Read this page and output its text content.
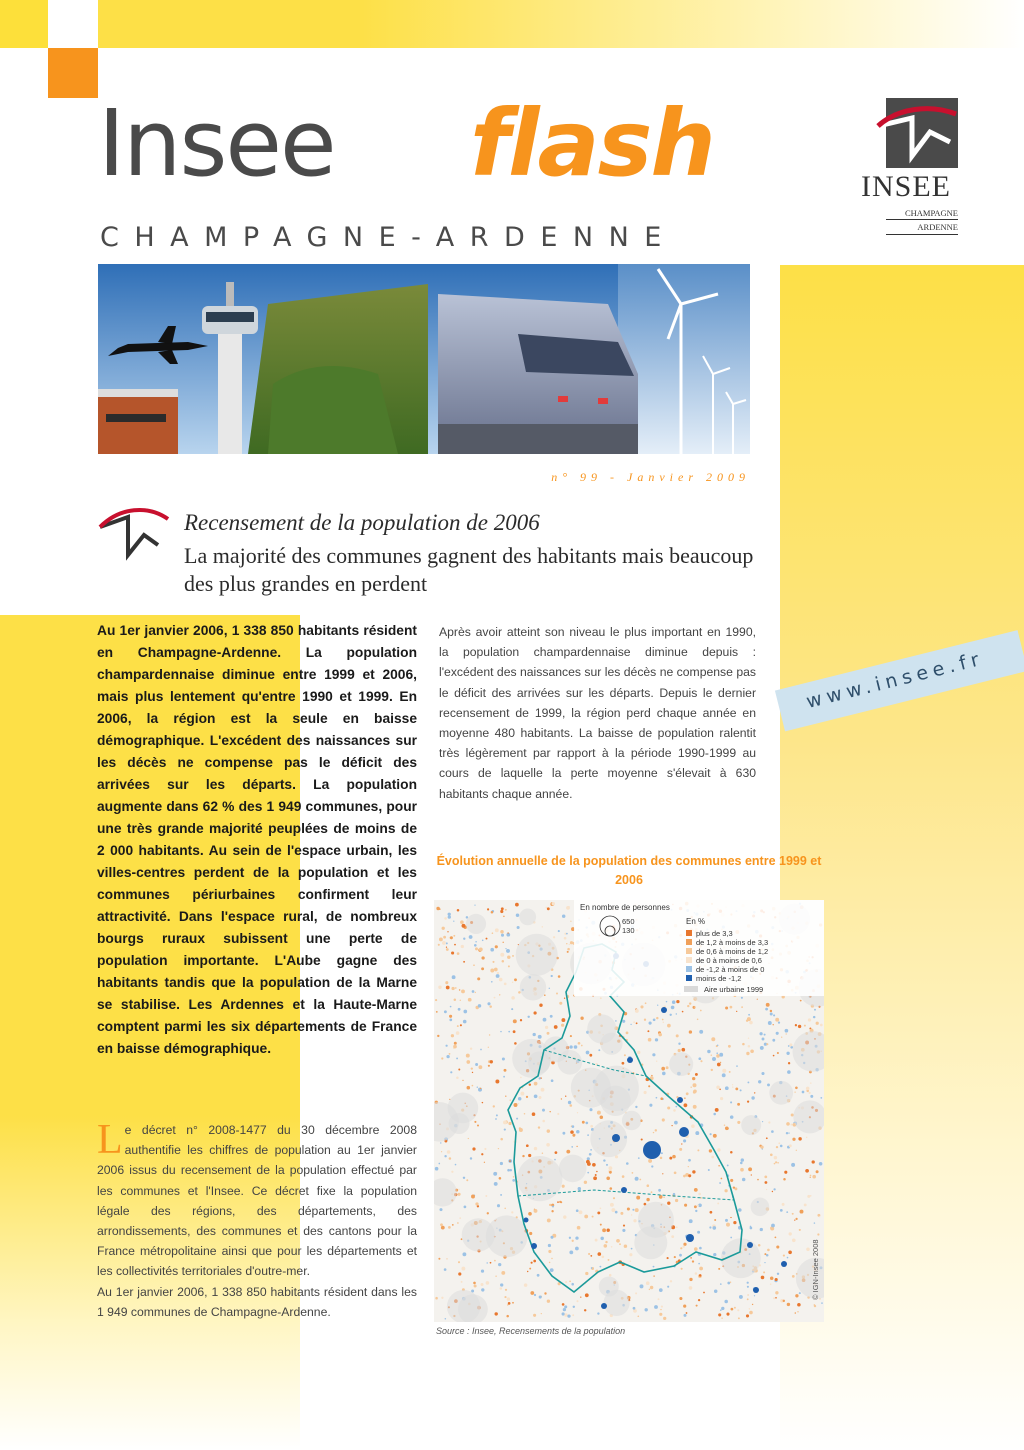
Insee flash
CHAMPAGNE-ARDENNE
INSEE
CHAMPAGNE
ARDENNE
n° 99 - Janvier 2009
Recensement de la population de 2006
La majorité des communes gagnent des habitants mais beaucoup des plus grandes en perdent
Au 1er janvier 2006, 1 338 850 habitants résident en Champagne-Ardenne. La population champardennaise diminue entre 1999 et 2006, mais plus lentement qu'entre 1990 et 1999. En 2006, la région est la seule en baisse démographique. L'excédent des naissances sur les décès ne compense pas le déficit des arrivées sur les départs. La population augmente dans 62 % des 1 949 communes, pour une très grande majorité peuplées de moins de 2 000 habitants. Au sein de l'espace urbain, les villes-centres perdent de la population et les communes périurbaines confirment leur attractivité. Dans l'espace rural, de nombreux bourgs ruraux subissent une perte de population importante. L'Aube gagne des habitants tandis que la population de la Marne se stabilise. Les Ardennes et la Haute-Marne comptent parmi les six départements de France en baisse démographique.
Après avoir atteint son niveau le plus important en 1990, la population champardennaise diminue depuis : l'excédent des naissances sur les décès ne compense pas le déficit des arrivées sur les départs. Depuis le dernier recensement de 1999, la région perd chaque année en moyenne 480 habitants. La baisse de population ralentit très légèrement par rapport à la période 1990-1999 au cours de laquelle la perte moyenne s'élevait à 630 habitants chaque année.

Le décret n° 2008-1477 du 30 décembre 2008 authentifie les chiffres de population au 1er janvier 2006 issus du recensement de la population effectué par les communes et l'Insee. Ce décret fixe la population légale des régions, des départements, des arrondissements, des communes et des cantons pour la France métropolitaine ainsi que pour les départements et les collectivités territoriales d'outre-mer.

Au 1er janvier 2006, 1 338 850 habitants résident dans les 1 949 communes de Champagne-Ardenne.

www.insee.fr
Évolution annuelle de la population des communes entre 1999 et 2006
En nombre de personnes
650
130
En %
plus de 3,3
de 1,2 à moins de 3,3
de 0,6 à moins de 1,2
de 0 à moins de 0,6
de -1,2 à moins de 0
moins de -1,2
Aire urbaine 1999
© IGN-Insee 2008
Source : Insee, Recensements de la population
